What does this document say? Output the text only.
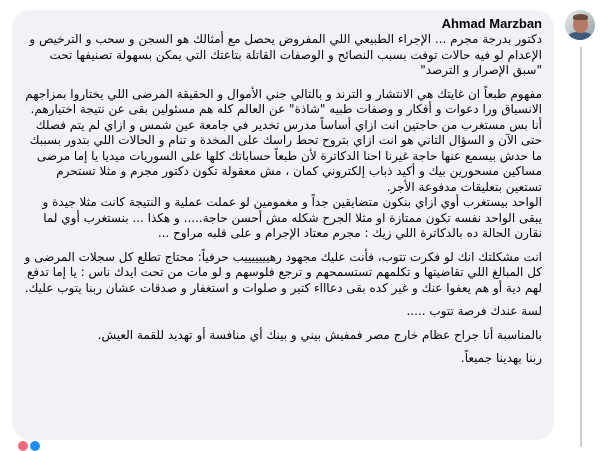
Ahmad Marzban

دكتور بدرجة مجرم ... الإجراء الطبيعي اللي المفروض يحصل مع أمثالك هو السجن و سحب و الترخيص و الإعدام لو فيه حالات توفت بسبب النصائح و الوصفات القاتلة بتاعتك التي يمكن بسهولة تصنيفها تحت "سبق الإصرار و الترصد"

مفهوم طبعاً ان غايتك هي الانتشار و الترند و بالتالي جني الأموال و الحقيقة المرضى اللي يختاروا بمزاجهم الانسياق ورا دعوات و أفكار و وصفات طبيه "شاذة" عن العالم كله هم مسئولين بقى عن نتيجة اختيارهم.

أنا بس مستغرب من حاجتين انت ازاي أساساً مدرس تخدير في جامعة عين شمس و ازاي لم يتم فصلك حتى الآن و السؤال التاني هو انت ازاي بتروح تحط راسك على المخدة و تنام و الحالات اللي بتدور بسببك ما حدش بيسمع عنها حاجة غيرنا احنا الدكاترة لأن طبعاً حساباتك كلها على السوريات ميديا يا إما مرضى مساكين مسحورين بيك و أكيد ذباب إلكتروني كمان ، مش معقولة تكون دكتور مجرم و مثلا تستحرم تستعين بتعليقات مدفوعة الأجر.

الواحد بيستغرب أوي ازاي بنكون متضايقين جداً و مغمومين لو عملت عملية و النتيجة كانت مثلا جيدة و يبقى الواحد نفسه تكون ممتازة او مثلا الجرح شكله مش أحسن حاجة..... و هكذا ... بنستغرب أوي لما نقارن الحالة ده بالدكاترة اللي زيك : مجرم معتاد الإجرام و على قلبه مراوح ...

انت مشكلتك انك لو فكرت تتوب، فأنت عليك مجهود رهيييييييب حرفياً: محتاج تطلع كل سجلات المرضى و كل المبالغ اللي تقاضيتها و تكلمهم تستسمحهم و ترجع فلوسهم و لو مات من تحت ايدك ناس : يا إما تدفع لهم دية أو هم يعفوا عنك و غير كده بقى دعاااء كتير و صلوات و استغفار و صدقات عشان ربنا يتوب عليك.

لسة عندك فرصة تتوب .....

بالمناسبة أنا جراح عظام خارج مصر فمفيش بيني و بينك أي منافسة أو تهديد للقمة العيش.

ربنا يهدينا جميعاً.
